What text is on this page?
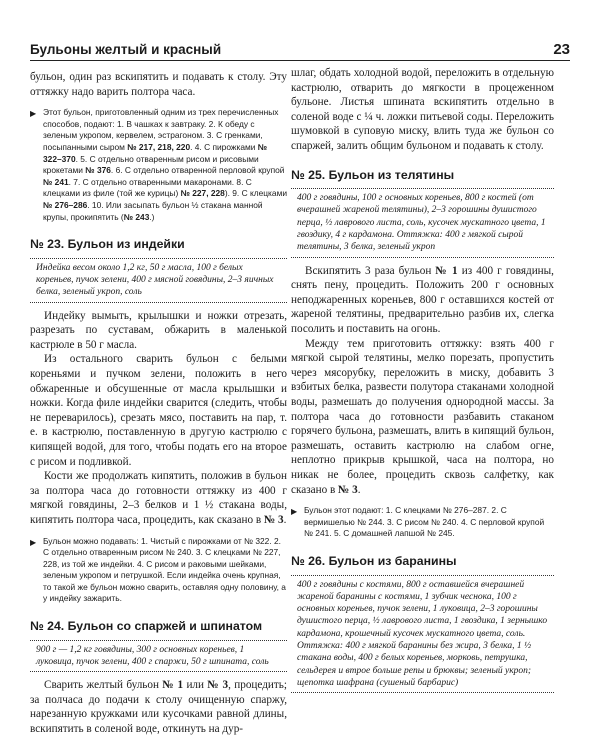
Бульоны желтый и красный	23

бульон, один раз вскипятить и подавать к столу. Эту оттяжку надо варить полтора часа.

▶ Этот бульон, приготовленный одним из трех перечисленных способов, подают: 1. В чашках к завтраку. 2. К обеду с зеленым укропом, кервелем, эстрагоном. 3. С гренками, посыпанными сыром № 217, 218, 220. 4. С пирожками № 322–370. 5. С отдельно отваренным рисом и рисовыми крокетами № 376. 6. С отдельно отваренной перловой крупой № 241. 7. С отдельно отваренными макаронами. 8. С клецками из филе (той же курицы) № 227, 228). 9. С клецками № 276–286. 10. Или засыпать бульон ½ стакана манной крупы, прокипятить (№ 243.)
№ 23. Бульон из индейки
Индейка весом около 1,2 кг, 50 г масла, 100 г белых кореньев, пучок зелени, 400 г мясной говядины, 2–3 яичных белка, зеленый укроп, соль

Индейку вымыть, крылышки и ножки отрезать, разрезать по суставам, обжарить в маленькой кастрюле в 50 г масла.

Из остального сварить бульон с белыми кореньями и пучком зелени, положить в него обжаренные и обсушенные от масла крылышки и ножки. Когда филе индейки сварится (следить, чтобы не переварилось), срезать мясо, поставить на пар, т. е. в кастрюлю, поставленную в другую кастрюлю с кипящей водой, для того, чтобы подать его на второе с рисом и подливкой.

Кости же продолжать кипятить, положив в бульон за полтора часа до готовности оттяжку из 400 г мягкой говядины, 2–3 белков и 1 ½ стакана воды, кипятить полтора часа, процедить, как сказано в № 3.

▶ Бульон можно подавать: 1. Чистый с пирожками от № 322. 2. С отдельно отваренным рисом № 240. 3. С клецками № 227, 228, из той же индейки. 4. С рисом и раковыми шейками, зеленым укропом и петрушкой. Если индейка очень крупная, то такой же бульон можно сварить, оставляя одну половину, а у индейку зажарить.
№ 24. Бульон со спаржей и шпинатом
900 г — 1,2 кг говядины, 300 г основных кореньев, 1 луковица, пучок зелени, 400 г спаржи, 50 г шпината, соль

Сварить желтый бульон № 1 или № 3, процедить; за полчаса до подачи к столу очищенную спаржу, нарезанную кружками или кусочками равной длины, вскипятить в соленой воде, откинуть на дур-

шлаг, обдать холодной водой, переложить в отдельную кастрюлю, отварить до мягкости в процеженном бульоне. Листья шпината вскипятить отдельно в соленой воде с ¼ ч. ложки питьевой соды. Переложить шумовкой в суповую миску, влить туда же бульон со спаржей, залить общим бульоном и подавать к столу.

№ 25. Бульон из телятины
400 г говядины, 100 г основных кореньев, 800 г костей (от вчерашней жареной телятины), 2–3 горошины душистого перца, ½ лаврового листа, соль, кусочек мускатного цвета, 1 гвоздику, 4 г кардамона. Оттяжка: 400 г мягкой сырой телятины, 3 белка, зеленый укроп

Вскипятить 3 раза бульон № 1 из 400 г говядины, снять пену, процедить. Положить 200 г основных неподжаренных кореньев, 800 г оставшихся костей от жареной телятины, предварительно разбив их, слегка посолить и поставить на огонь.

Между тем приготовить оттяжку: взять 400 г мягкой сырой телятины, мелко порезать, пропустить через мясорубку, переложить в миску, добавить 3 взбитых белка, развести полутора стаканами холодной воды, размешать до получения однородной массы. За полтора часа до готовности разбавить стаканом горячего бульона, размешать, влить в кипящий бульон, размешать, оставить кастрюлю на слабом огне, неплотно прикрыв крышкой, часа на полтора, но никак не более, процедить сквозь салфетку, как сказано в № 3.

▶ Бульон этот подают: 1. С клецками № 276–287. 2. С вермишелью № 244. 3. С рисом № 240. 4. С перловой крупой № 241. 5. С домашней лапшой № 245.
№ 26. Бульон из баранины
400 г говядины с костями, 800 г оставшейся вчерашней жареной баранины с костями, 1 зубчик чеснока, 100 г основных кореньев, пучок зелени, 1 луковица, 2–3 горошины душистого перца, ½ лаврового листа, 1 гвоздика, 1 зернышко кардамона, крошечный кусочек мускатного цвета, соль. Оттяжка: 400 г мягкой баранины без жира, 3 белка, 1 ½ стакана воды, 400 г белых кореньев, морковь, петрушка, сельдерея и втрое больше репы и брюквы; зеленый укроп; щепотка шафрана (сушеный барбарис)
